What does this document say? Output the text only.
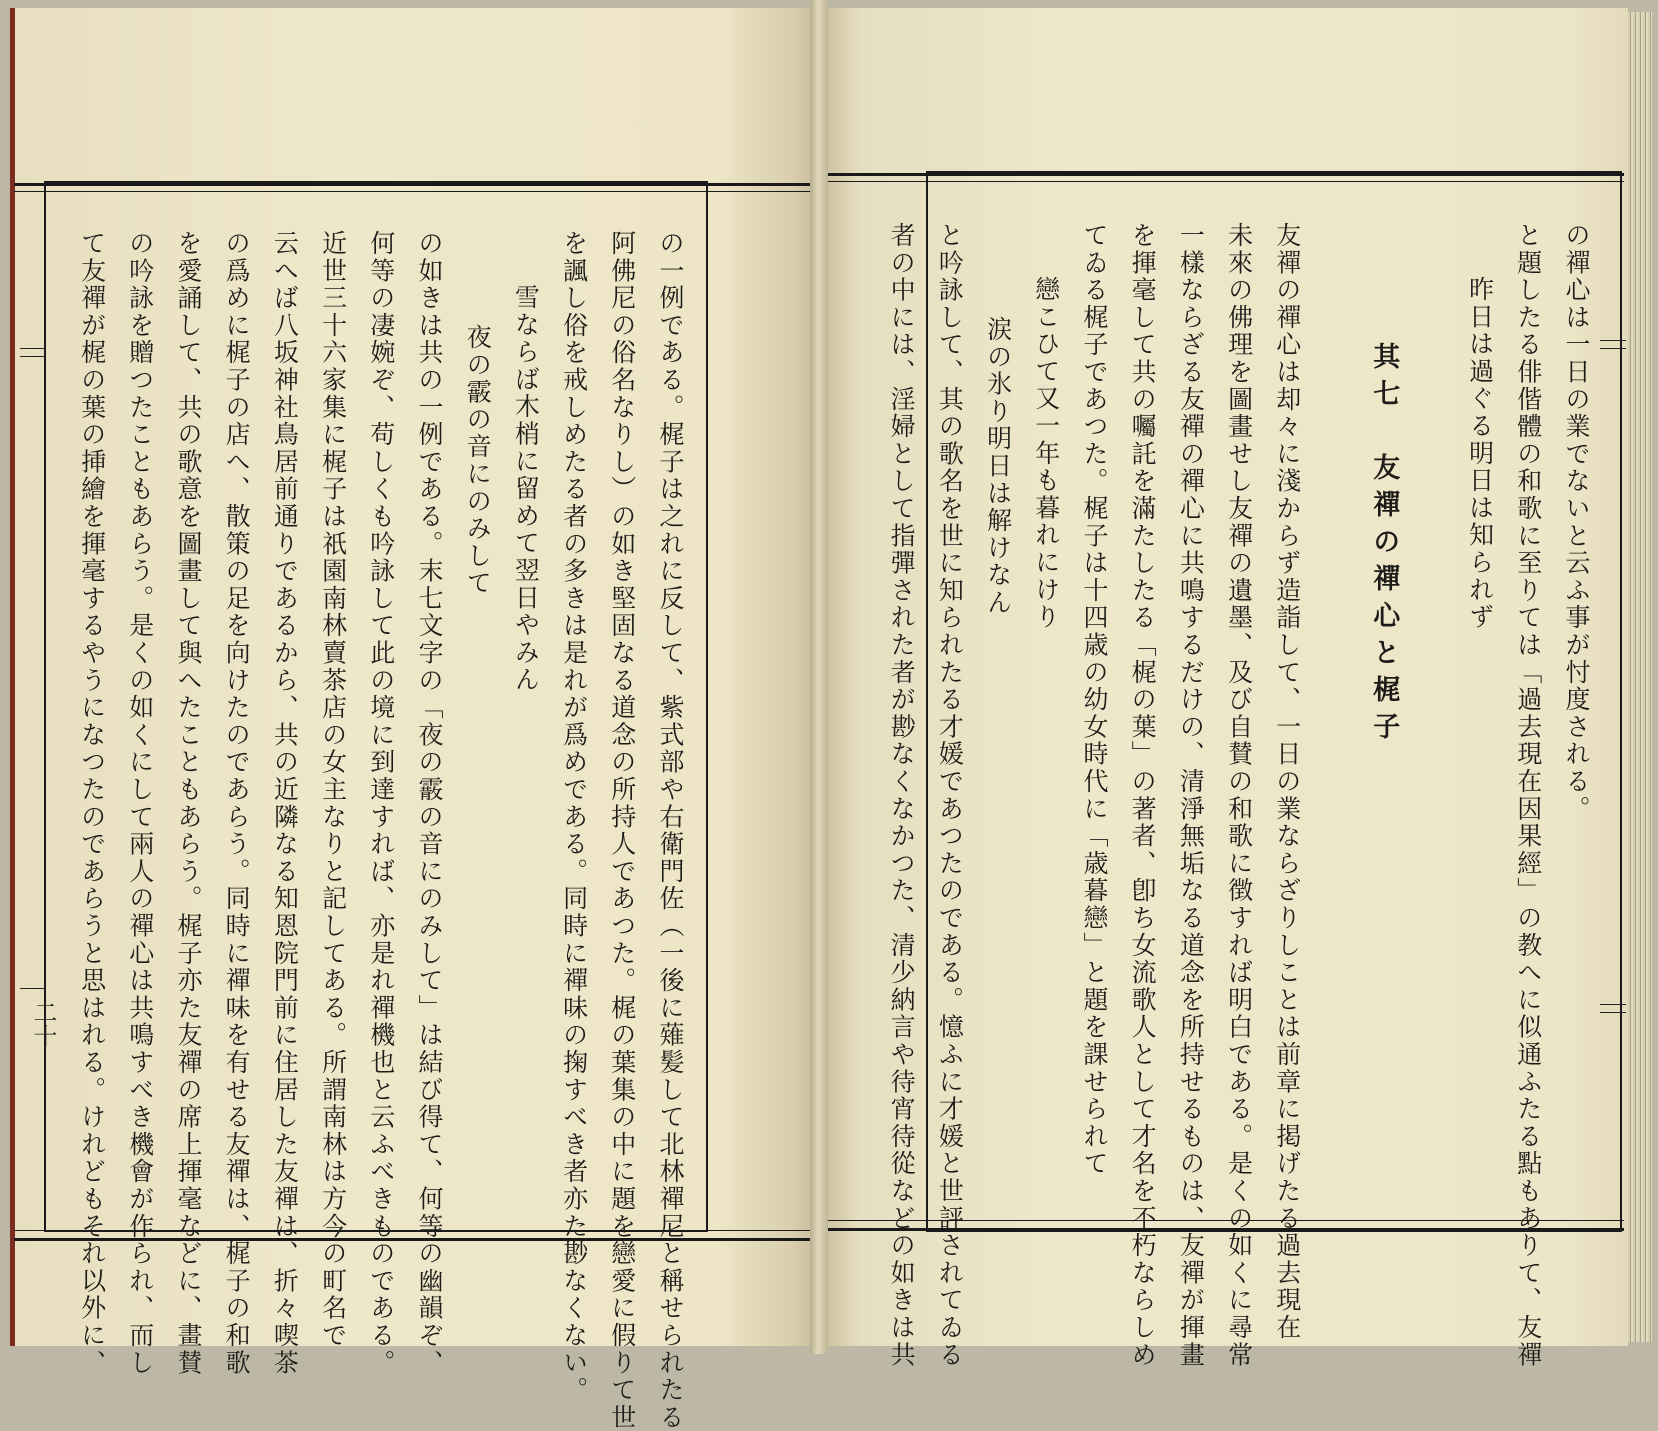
二十	の一例である。梶子は之れに反して、紫式部や右衛門佐（一後に薙髪して北林禪尼と稱せられたる
阿佛尼の俗名なりし）の如き堅固なる道念の所持人であつた。梶の葉集の中に題を戀愛に假りて世
を諷し俗を戒しめたる者の多きは是れが爲めである。同時に禪味の掬すべき者亦た尠なくない。
雪ならば木梢に留めて翌日やみん
夜の霰の音にのみして
の如きは共の一例である。末七文字の「夜の霰の音にのみして」は結び得て、何等の幽韻ぞ、
何等の凄婉ぞ、苟しくも吟詠して此の境に到達すれば、亦是れ禪機也と云ふべきものである。
近世三十六家集に梶子は祇園南林賣茶店の女主なりと記してある。所謂南林は方今の町名で
云へば八坂神社鳥居前通りであるから、共の近隣なる知恩院門前に住居した友禪は、折々喫茶
の爲めに梶子の店へ、散策の足を向けたのであらう。同時に禪味を有せる友禪は、梶子の和歌
を愛誦して、共の歌意を圖畫して與へたこともあらう。梶子亦た友禪の席上揮毫などに、畫賛
の吟詠を贈つたこともあらう。是くの如くにして兩人の禪心は共鳴すべき機會が作られ、而し
て友禪が梶の葉の挿繪を揮毫するやうになつたのであらうと思はれる。けれどもそれ以外に、	の禪心は一日の業でないと云ふ事が忖度される。
と題したる俳偕體の和歌に至りては「過去現在因果經」の教へに似通ふたる點もありて、友禪
昨日は過ぐる明日は知られず
其七　友禪の禪心と梶子
友禪の禪心は却々に淺からず造詣して、一日の業ならざりしことは前章に掲げたる過去現在
未來の佛理を圖畫せし友禪の遺墨、及び自賛の和歌に徴すれば明白である。是くの如くに尋常
一樣ならざる友禪の禪心に共鳴するだけの、清淨無垢なる道念を所持せるものは、友禪が揮畫
を揮毫して共の囑託を滿たしたる「梶の葉」の著者、卽ち女流歌人として才名を不朽ならしめ
てゐる梶子であつた。梶子は十四歳の幼女時代に「歳暮戀」と題を課せられて
戀こひて又一年も暮れにけり
涙の氷り明日は解けなん
と吟詠して、其の歌名を世に知られたる才媛であつたのである。憶ふに才媛と世評されてゐる
者の中には、淫婦として指彈された者が尠なくなかつた、清少納言や待宵待從などの如きは共
